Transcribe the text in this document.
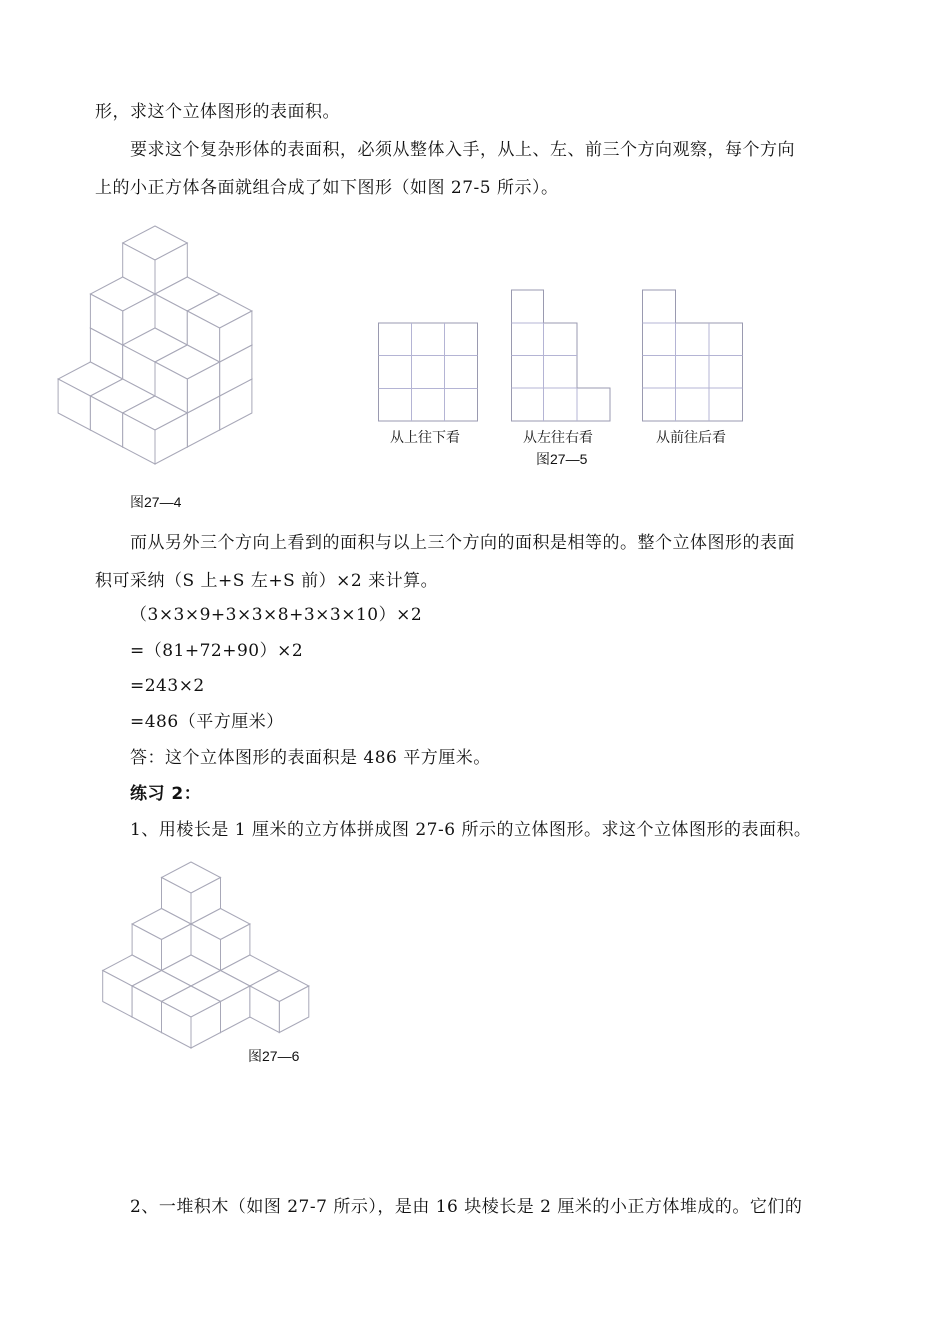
形，求这个立体图形的表面积。
要求这个复杂形体的表面积，必须从整体入手，从上、左、前三个方向观察，每个方向
上的小正方体各面就组合成了如下图形（如图 27-5 所示）。
图27—4
从上往下看	从左往右看	从前往后看
图27—5
而从另外三个方向上看到的面积与以上三个方向的面积是相等的。整个立体图形的表面
积可采纳（S 上+S 左+S 前）×2 来计算。
（3×3×9+3×3×8+3×3×10）×2
=（81+72+90）×2
=243×2
=486（平方厘米）
答：这个立体图形的表面积是 486 平方厘米。
练习 2：
1、用棱长是 1 厘米的立方体拼成图 27-6 所示的立体图形。求这个立体图形的表面积。
图27—6
2、一堆积木（如图 27-7 所示），是由 16 块棱长是 2 厘米的小正方体堆成的。它们的
